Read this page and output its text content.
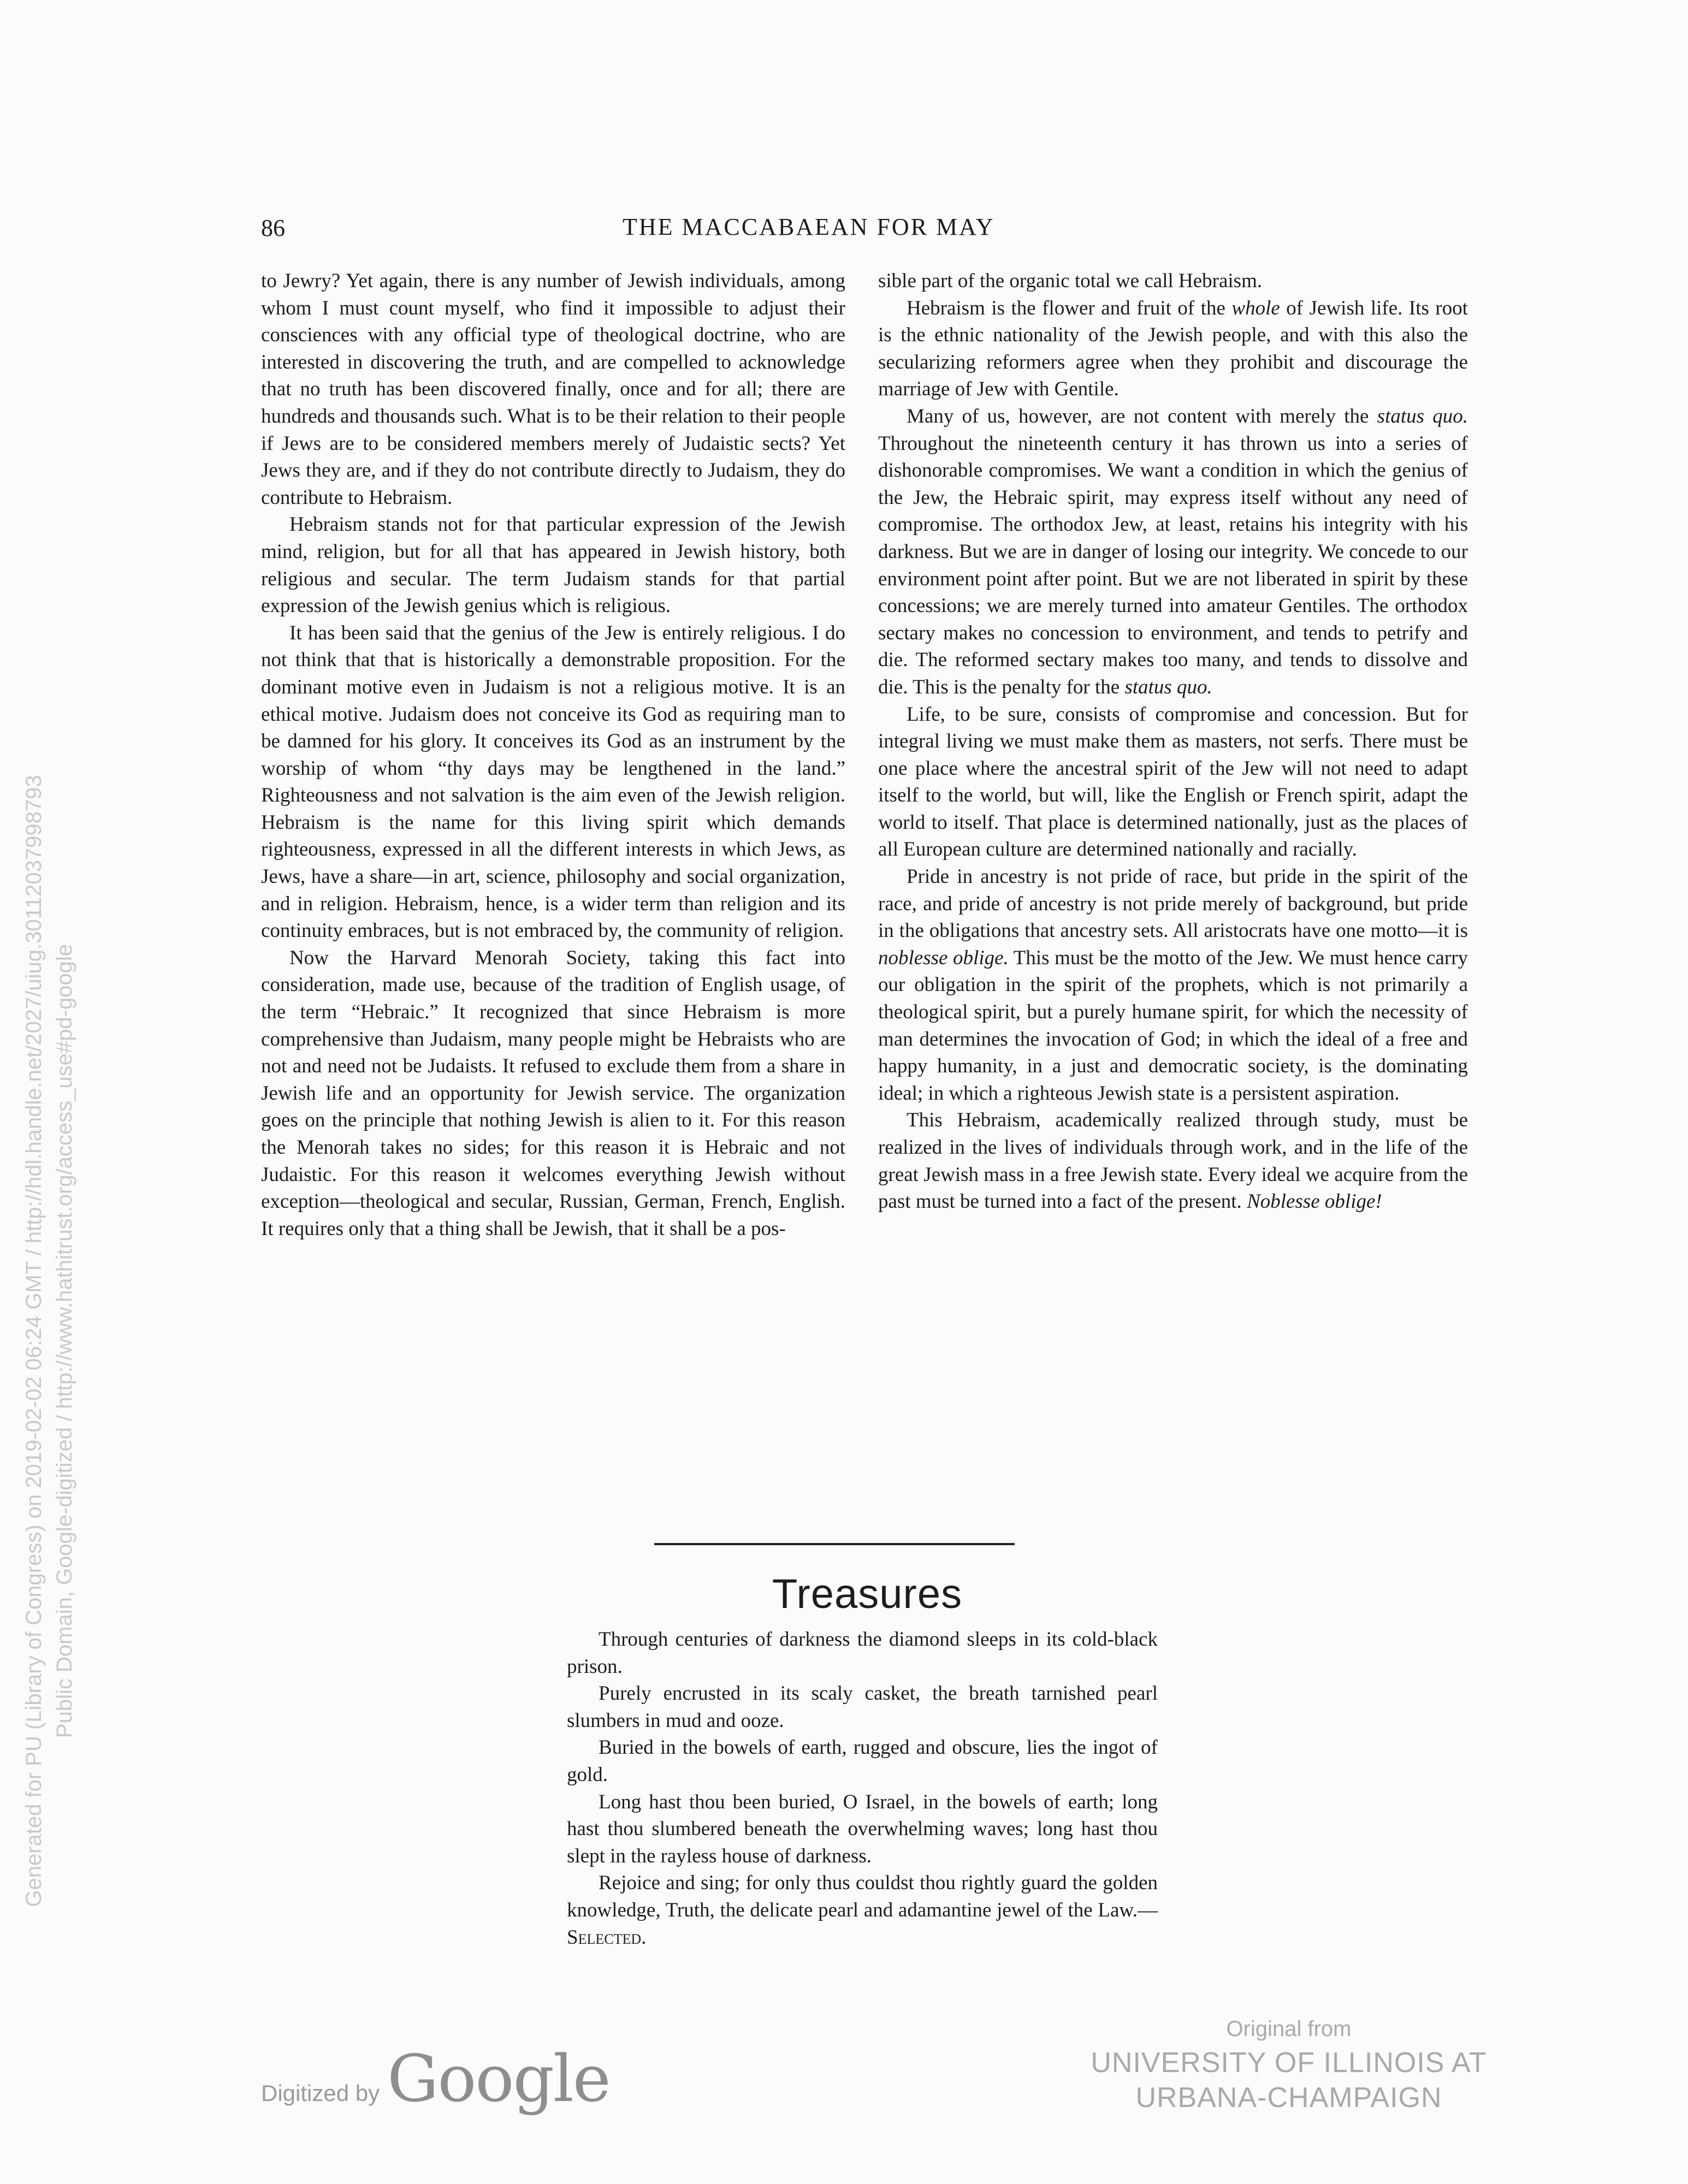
86	THE MACCABAEAN FOR MAY

to Jewry? Yet again, there is any number of Jewish individuals, among whom I must count myself, who find it impossible to adjust their consciences with any official type of theological doctrine, who are interested in discovering the truth, and are compelled to acknowledge that no truth has been discovered finally, once and for all; there are hundreds and thousands such. What is to be their relation to their people if Jews are to be considered members merely of Judaistic sects? Yet Jews they are, and if they do not contribute directly to Judaism, they do contribute to Hebraism.

Hebraism stands not for that particular expression of the Jewish mind, religion, but for all that has appeared in Jewish history, both religious and secular. The term Judaism stands for that partial expression of the Jewish genius which is religious.

It has been said that the genius of the Jew is entirely religious. I do not think that that is historically a demonstrable proposition. For the dominant motive even in Judaism is not a religious motive. It is an ethical motive. Judaism does not conceive its God as requiring man to be damned for his glory. It conceives its God as an instrument by the worship of whom “thy days may be lengthened in the land.” Righteousness and not salvation is the aim even of the Jewish religion. Hebraism is the name for this living spirit which demands righteousness, expressed in all the different interests in which Jews, as Jews, have a share—in art, science, philosophy and social organization, and in religion. Hebraism, hence, is a wider term than religion and its continuity embraces, but is not embraced by, the community of religion.

Now the Harvard Menorah Society, taking this fact into consideration, made use, because of the tradition of English usage, of the term “Hebraic.” It recognized that since Hebraism is more comprehensive than Judaism, many people might be Hebraists who are not and need not be Judaists. It refused to exclude them from a share in Jewish life and an opportunity for Jewish service. The organization goes on the principle that nothing Jewish is alien to it. For this reason the Menorah takes no sides; for this reason it is Hebraic and not Judaistic. For this reason it welcomes everything Jewish without exception—theological and secular, Russian, German, French, English. It requires only that a thing shall be Jewish, that it shall be a pos-

sible part of the organic total we call Hebraism.

Hebraism is the flower and fruit of the whole of Jewish life. Its root is the ethnic nationality of the Jewish people, and with this also the secularizing reformers agree when they prohibit and discourage the marriage of Jew with Gentile.

Many of us, however, are not content with merely the status quo. Throughout the nineteenth century it has thrown us into a series of dishonorable compromises. We want a condition in which the genius of the Jew, the Hebraic spirit, may express itself without any need of compromise. The orthodox Jew, at least, retains his integrity with his darkness. But we are in danger of losing our integrity. We concede to our environment point after point. But we are not liberated in spirit by these concessions; we are merely turned into amateur Gentiles. The orthodox sectary makes no concession to environment, and tends to petrify and die. The reformed sectary makes too many, and tends to dissolve and die. This is the penalty for the status quo.

Life, to be sure, consists of compromise and concession. But for integral living we must make them as masters, not serfs. There must be one place where the ancestral spirit of the Jew will not need to adapt itself to the world, but will, like the English or French spirit, adapt the world to itself. That place is determined nationally, just as the places of all European culture are determined nationally and racially.

Pride in ancestry is not pride of race, but pride in the spirit of the race, and pride of ancestry is not pride merely of background, but pride in the obligations that ancestry sets. All aristocrats have one motto—it is noblesse oblige. This must be the motto of the Jew. We must hence carry our obligation in the spirit of the prophets, which is not primarily a theological spirit, but a purely humane spirit, for which the necessity of man determines the invocation of God; in which the ideal of a free and happy humanity, in a just and democratic society, is the dominating ideal; in which a righteous Jewish state is a persistent aspiration.

This Hebraism, academically realized through study, must be realized in the lives of individuals through work, and in the life of the great Jewish mass in a free Jewish state. Every ideal we acquire from the past must be turned into a fact of the present. Noblesse oblige!

Treasures

Through centuries of darkness the diamond sleeps in its cold-black prison.

Purely encrusted in its scaly casket, the breath tarnished pearl slumbers in mud and ooze.

Buried in the bowels of earth, rugged and obscure, lies the ingot of gold.

Long hast thou been buried, O Israel, in the bowels of earth; long hast thou slumbered beneath the overwhelming waves; long hast thou slept in the rayless house of darkness.

Rejoice and sing; for only thus couldst thou rightly guard the golden knowledge, Truth, the delicate pearl and adamantine jewel of the Law.—Selected.

Digitized by Google
Original from
UNIVERSITY OF ILLINOIS AT
URBANA-CHAMPAIGN
Generated for PU (Library of Congress) on 2019-02-02 06:24 GMT / http://hdl.handle.net/2027/uiug.30112037998793 Public Domain, Google-digitized / http://www.hathitrust.org/access_use#pd-google
